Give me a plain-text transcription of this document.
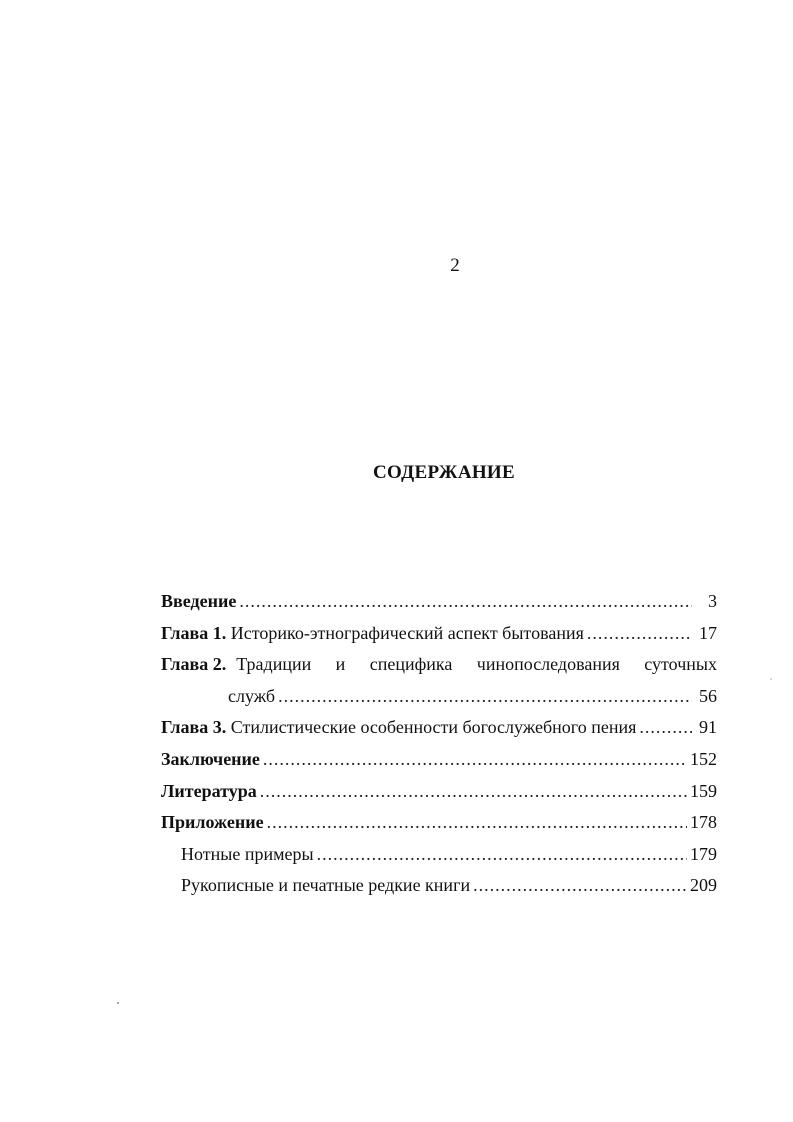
2
СОДЕРЖАНИЕ
Введение .....	3
Глава 1. Историко-этнографический аспект бытования .....	17
Глава 2. Традиции и специфика чинопоследования суточных
служб .....	56
Глава 3. Стилистические особенности богослужебного пения .....	91
Заключение .....	152
Литература .....	159
Приложение .....	178
Нотные примеры .....	179
Рукописные и печатные редкие книги .....	209
